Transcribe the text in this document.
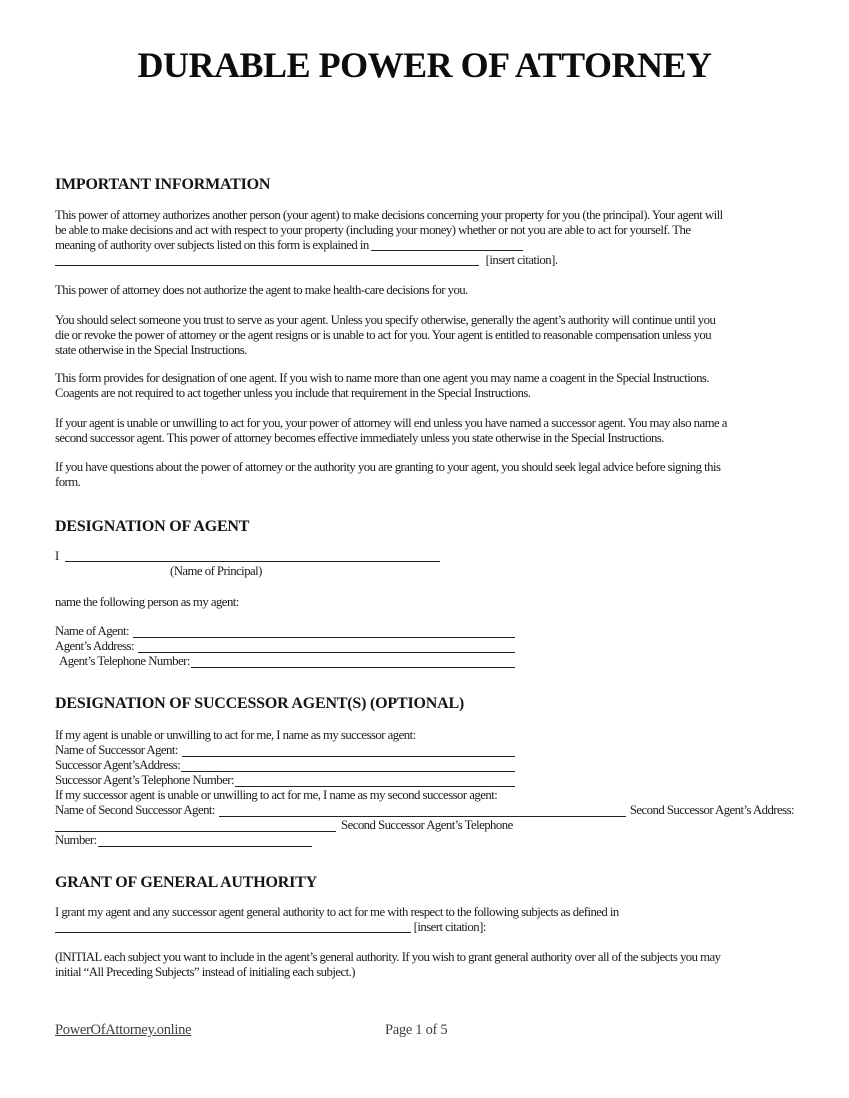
DURABLE POWER OF ATTORNEY
IMPORTANT INFORMATION
This power of attorney authorizes another person (your agent) to make decisions concerning your property for you (the principal). Your agent will
be able to make decisions and act with respect to your property (including your money) whether or not you are able to act for yourself. The
meaning of authority over subjects listed on this form is explained in
[insert citation].
This power of attorney does not authorize the agent to make health-care decisions for you.
You should select someone you trust to serve as your agent. Unless you specify otherwise, generally the agent’s authority will continue until you
die or revoke the power of attorney or the agent resigns or is unable to act for you. Your agent is entitled to reasonable compensation unless you
state otherwise in the Special Instructions.
This form provides for designation of one agent. If you wish to name more than one agent you may name a coagent in the Special Instructions.
Coagents are not required to act together unless you include that requirement in the Special Instructions.
If your agent is unable or unwilling to act for you, your power of attorney will end unless you have named a successor agent. You may also name a
second successor agent. This power of attorney becomes effective immediately unless you state otherwise in the Special Instructions.
If you have questions about the power of attorney or the authority you are granting to your agent, you should seek legal advice before signing this
form.
DESIGNATION OF AGENT
I
(Name of Principal)
name the following person as my agent:
Name of Agent:
Agent’s Address:
Agent’s Telephone Number:
DESIGNATION OF SUCCESSOR AGENT(S) (OPTIONAL)
If my agent is unable or unwilling to act for me, I name as my successor agent:
Name of Successor Agent:
Successor Agent’sAddress:
Successor Agent’s Telephone Number:
If my successor agent is unable or unwilling to act for me, I name as my second successor agent:
Name of Second Successor Agent:	Second Successor Agent’s Address:
Second Successor Agent’s Telephone
Number:
GRANT OF GENERAL AUTHORITY
I grant my agent and any successor agent general authority to act for me with respect to the following subjects as defined in
[insert citation]:
(INITIAL each subject you want to include in the agent’s general authority. If you wish to grant general authority over all of the subjects you may
initial “All Preceding Subjects” instead of initialing each subject.)
PowerOfAttorney.online	Page 1 of 5
